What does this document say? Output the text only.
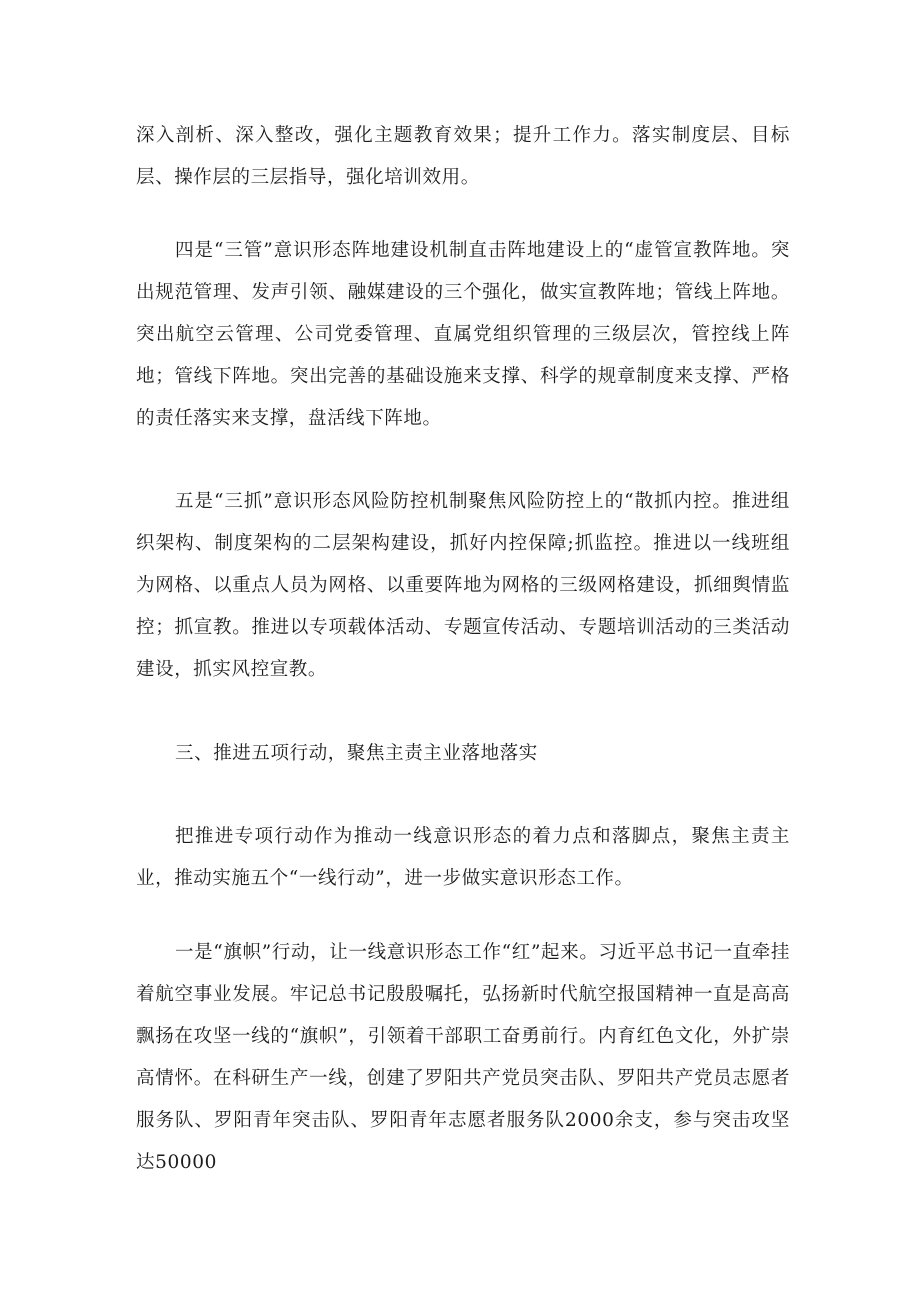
深入剖析、深入整改，强化主题教育效果；提升工作力。落实制度层、目标层、操作层的三层指导，强化培训效用。

四是“三管”意识形态阵地建设机制直击阵地建设上的“虚管宣教阵地。突出规范管理、发声引领、融媒建设的三个强化，做实宣教阵地；管线上阵地。突出航空云管理、公司党委管理、直属党组织管理的三级层次，管控线上阵地；管线下阵地。突出完善的基础设施来支撑、科学的规章制度来支撑、严格的责任落实来支撑，盘活线下阵地。

五是“三抓”意识形态风险防控机制聚焦风险防控上的“散抓内控。推进组织架构、制度架构的二层架构建设，抓好内控保障;抓监控。推进以一线班组为网格、以重点人员为网格、以重要阵地为网格的三级网格建设，抓细舆情监控；抓宣教。推进以专项载体活动、专题宣传活动、专题培训活动的三类活动建设，抓实风控宣教。

三、推进五项行动，聚焦主责主业落地落实

把推进专项行动作为推动一线意识形态的着力点和落脚点，聚焦主责主业，推动实施五个“一线行动”，进一步做实意识形态工作。

一是“旗帜”行动，让一线意识形态工作“红”起来。习近平总书记一直牵挂着航空事业发展。牢记总书记殷殷嘱托，弘扬新时代航空报国精神一直是高高飘扬在攻坚一线的“旗帜”，引领着干部职工奋勇前行。内育红色文化，外扩崇高情怀。在科研生产一线，创建了罗阳共产党员突击队、罗阳共产党员志愿者服务队、罗阳青年突击队、罗阳青年志愿者服务队2000余支，参与突击攻坚达50000
